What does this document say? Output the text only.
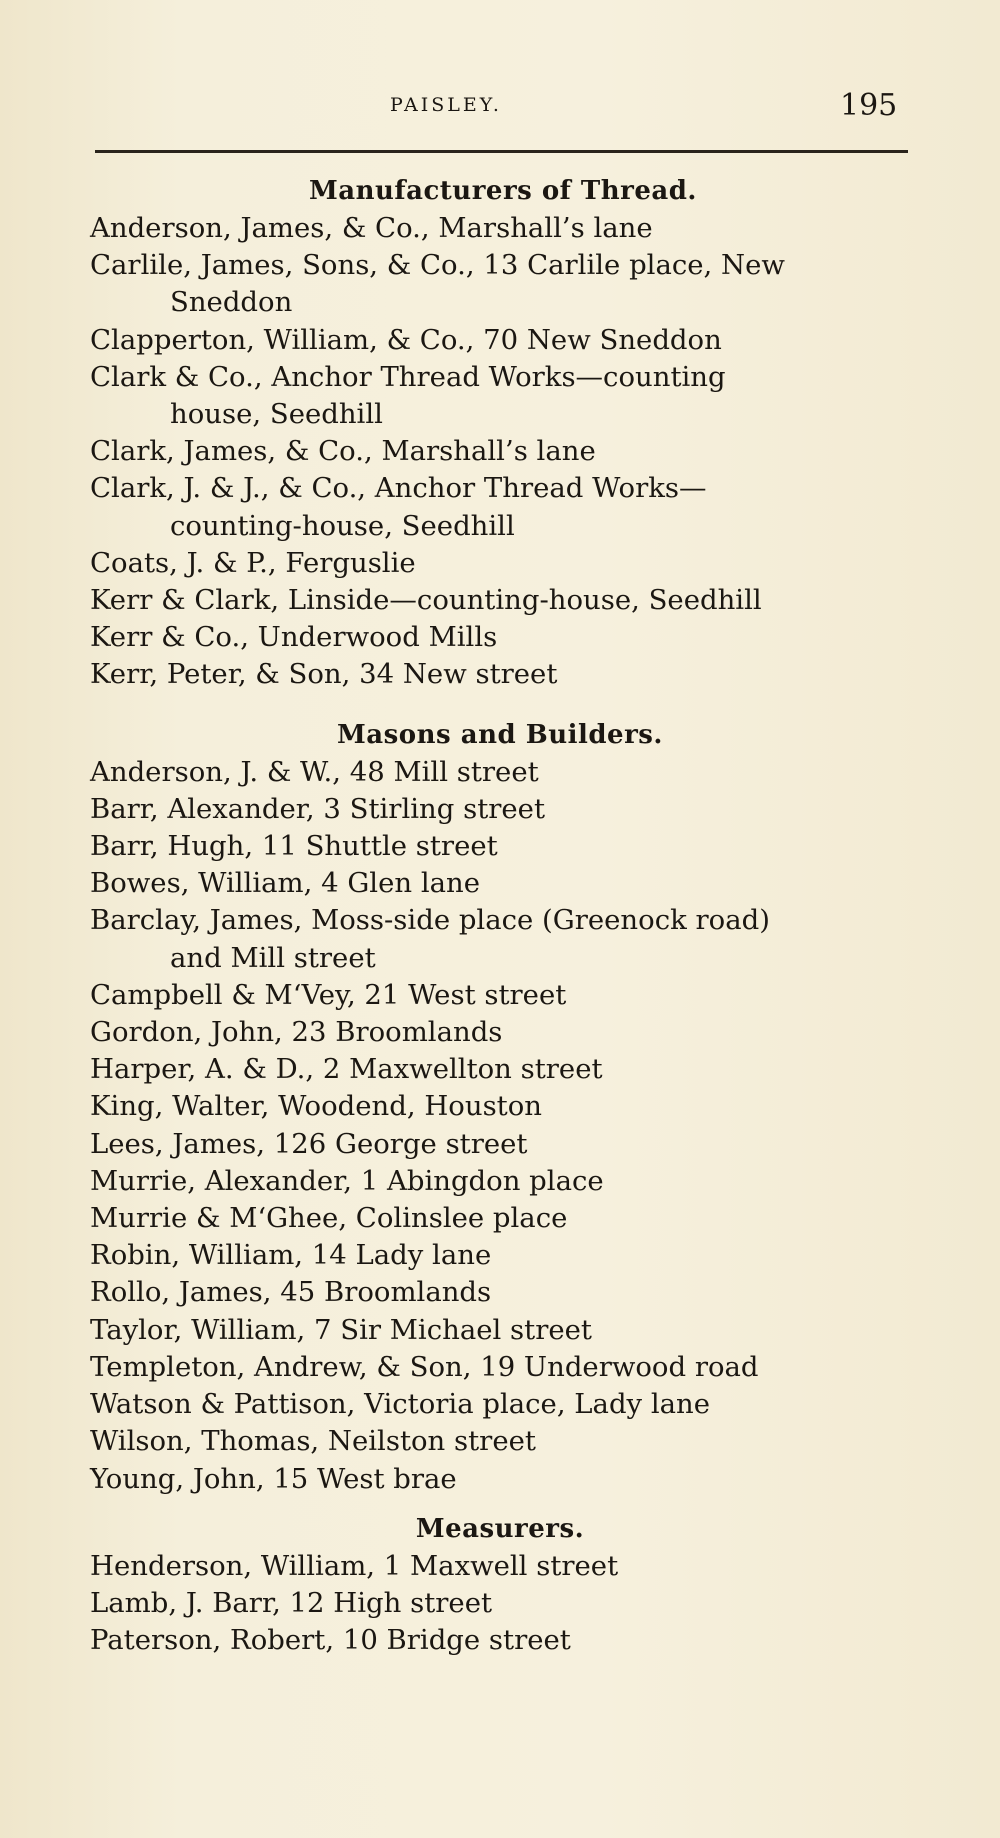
PAISLEY.	195
Manufacturers of Thread.
Anderson, James, & Co., Marshall’s lane
Carlile, James, Sons, & Co., 13 Carlile place, New
Sneddon
Clapperton, William, & Co., 70 New Sneddon
Clark & Co., Anchor Thread Works—counting
house, Seedhill
Clark, James, & Co., Marshall’s lane
Clark, J. & J., & Co., Anchor Thread Works—
counting-house, Seedhill
Coats, J. & P., Ferguslie
Kerr & Clark, Linside—counting-house, Seedhill
Kerr & Co., Underwood Mills
Kerr, Peter, & Son, 34 New street
Masons and Builders.
Anderson, J. & W., 48 Mill street
Barr, Alexander, 3 Stirling street
Barr, Hugh, 11 Shuttle street
Bowes, William, 4 Glen lane
Barclay, James, Moss-side place (Greenock road)
and Mill street
Campbell & M‘Vey, 21 West street
Gordon, John, 23 Broomlands
Harper, A. & D., 2 Maxwellton street
King, Walter, Woodend, Houston
Lees, James, 126 George street
Murrie, Alexander, 1 Abingdon place
Murrie & M‘Ghee, Colinslee place
Robin, William, 14 Lady lane
Rollo, James, 45 Broomlands
Taylor, William, 7 Sir Michael street
Templeton, Andrew, & Son, 19 Underwood road
Watson & Pattison, Victoria place, Lady lane
Wilson, Thomas, Neilston street
Young, John, 15 West brae
Measurers.
Henderson, William, 1 Maxwell street
Lamb, J. Barr, 12 High street
Paterson, Robert, 10 Bridge street
